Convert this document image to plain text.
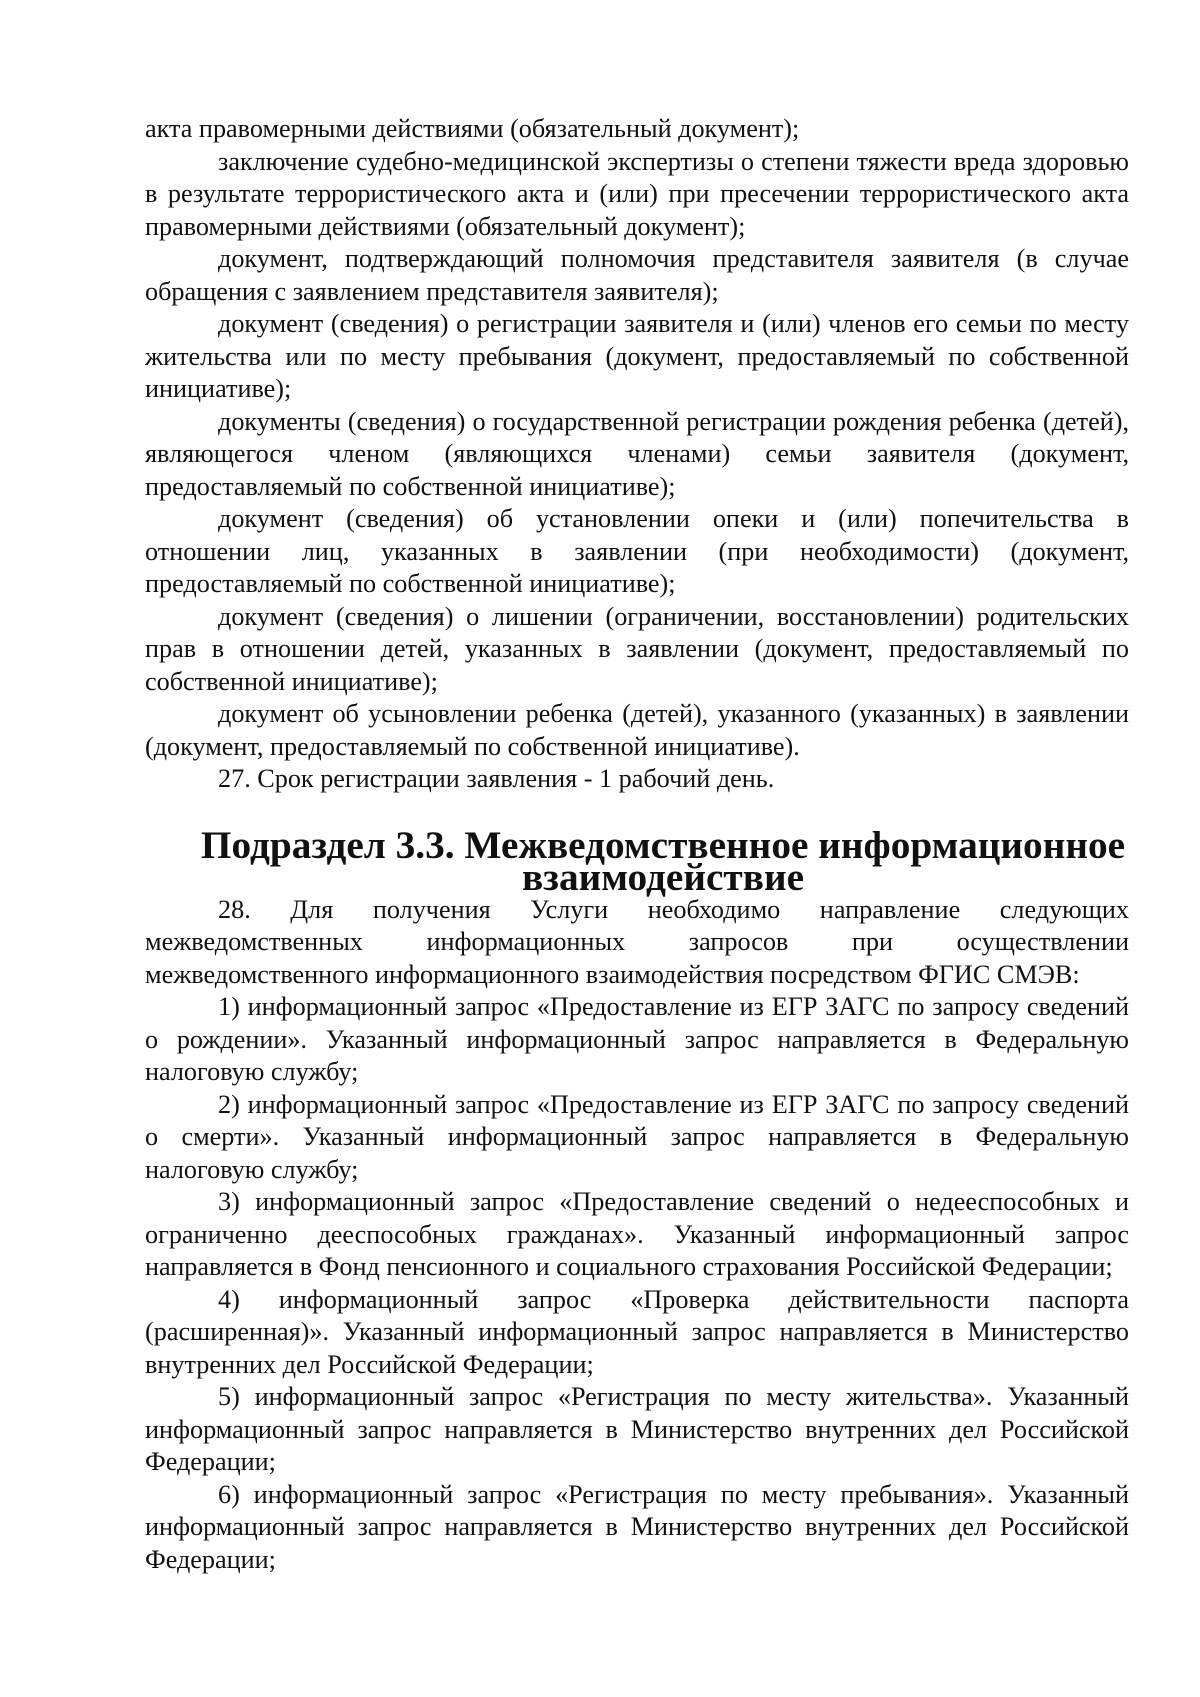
акта правомерными действиями (обязательный документ);

заключение судебно-медицинской экспертизы о степени тяжести вреда здоровью в результате террористического акта и (или) при пресечении террористического акта правомерными действиями (обязательный документ);

документ, подтверждающий полномочия представителя заявителя (в случае обращения с заявлением представителя заявителя);

документ (сведения) о регистрации заявителя и (или) членов его семьи по месту жительства или по месту пребывания (документ, предоставляемый по собственной инициативе);

документы (сведения) о государственной регистрации рождения ребенка (детей), являющегося членом (являющихся членами) семьи заявителя (документ, предоставляемый по собственной инициативе);

документ (сведения) об установлении опеки и (или) попечительства в отношении лиц, указанных в заявлении (при необходимости) (документ, предоставляемый по собственной инициативе);

документ (сведения) о лишении (ограничении, восстановлении) родительских прав в отношении детей, указанных в заявлении (документ, предоставляемый по собственной инициативе);

документ об усыновлении ребенка (детей), указанного (указанных) в заявлении (документ, предоставляемый по собственной инициативе).

27. Срок регистрации заявления - 1 рабочий день.

Подраздел 3.3. Межведомственное информационное взаимодействие

28. Для получения Услуги необходимо направление следующих межведомственных информационных запросов при осуществлении межведомственного информационного взаимодействия посредством ФГИС СМЭВ:

1) информационный запрос «Предоставление из ЕГР ЗАГС по запросу сведений о рождении». Указанный информационный запрос направляется в Федеральную налоговую службу;

2) информационный запрос «Предоставление из ЕГР ЗАГС по запросу сведений о смерти». Указанный информационный запрос направляется в Федеральную налоговую службу;

3) информационный запрос «Предоставление сведений о недееспособных и ограниченно дееспособных гражданах». Указанный информационный запрос направляется в Фонд пенсионного и социального страхования Российской Федерации;

4) информационный запрос «Проверка действительности паспорта (расширенная)». Указанный информационный запрос направляется в Министерство внутренних дел Российской Федерации;

5) информационный запрос «Регистрация по месту жительства». Указанный информационный запрос направляется в Министерство внутренних дел Российской Федерации;

6) информационный запрос «Регистрация по месту пребывания». Указанный информационный запрос направляется в Министерство внутренних дел Российской Федерации;
